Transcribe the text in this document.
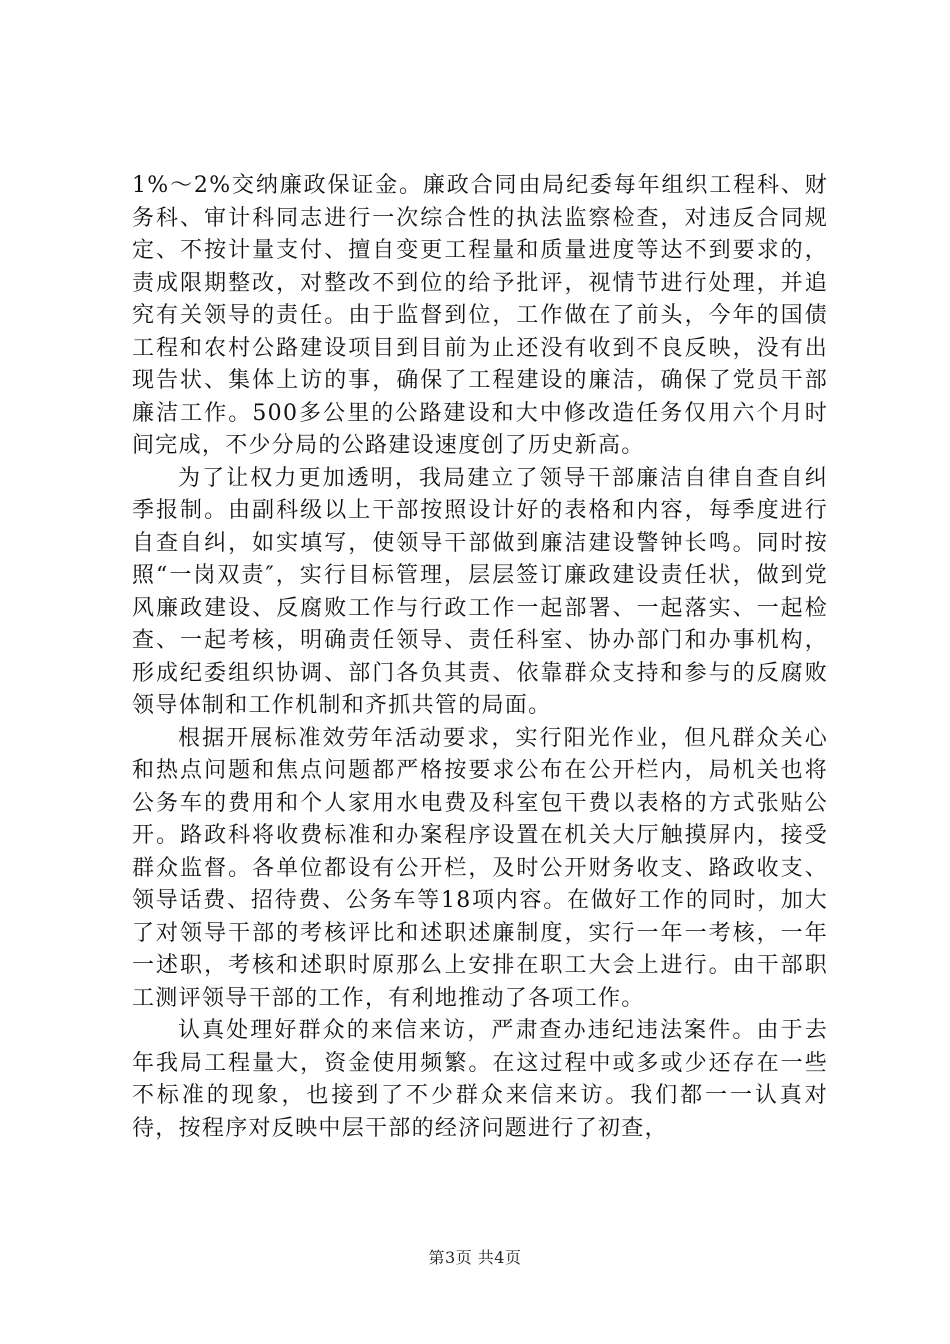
1%～2%交纳廉政保证金。廉政合同由局纪委每年组织工程科、财务科、审计科同志进行一次综合性的执法监察检查，对违反合同规定、不按计量支付、擅自变更工程量和质量进度等达不到要求的，责成限期整改，对整改不到位的给予批评，视情节进行处理，并追究有关领导的责任。由于监督到位，工作做在了前头，今年的国债工程和农村公路建设项目到目前为止还没有收到不良反映，没有出现告状、集体上访的事，确保了工程建设的廉洁，确保了党员干部廉洁工作。500多公里的公路建设和大中修改造任务仅用六个月时间完成，不少分局的公路建设速度创了历史新高。

为了让权力更加透明，我局建立了领导干部廉洁自律自查自纠季报制。由副科级以上干部按照设计好的表格和内容，每季度进行自查自纠，如实填写，使领导干部做到廉洁建设警钟长鸣。同时按照“一岗双责″，实行目标管理，层层签订廉政建设责任状，做到党风廉政建设、反腐败工作与行政工作一起部署、一起落实、一起检查、一起考核，明确责任领导、责任科室、协办部门和办事机构，形成纪委组织协调、部门各负其责、依靠群众支持和参与的反腐败领导体制和工作机制和齐抓共管的局面。

根据开展标准效劳年活动要求，实行阳光作业，但凡群众关心和热点问题和焦点问题都严格按要求公布在公开栏内，局机关也将公务车的费用和个人家用水电费及科室包干费以表格的方式张贴公开。路政科将收费标准和办案程序设置在机关大厅触摸屏内，接受群众监督。各单位都设有公开栏，及时公开财务收支、路政收支、领导话费、招待费、公务车等18项内容。在做好工作的同时，加大了对领导干部的考核评比和述职述廉制度，实行一年一考核，一年一述职，考核和述职时原那么上安排在职工大会上进行。由干部职工测评领导干部的工作，有利地推动了各项工作。

认真处理好群众的来信来访，严肃查办违纪违法案件。由于去年我局工程量大，资金使用频繁。在这过程中或多或少还存在一些不标准的现象，也接到了不少群众来信来访。我们都一一认真对待，按程序对反映中层干部的经济问题进行了初查，

第3页 共4页
